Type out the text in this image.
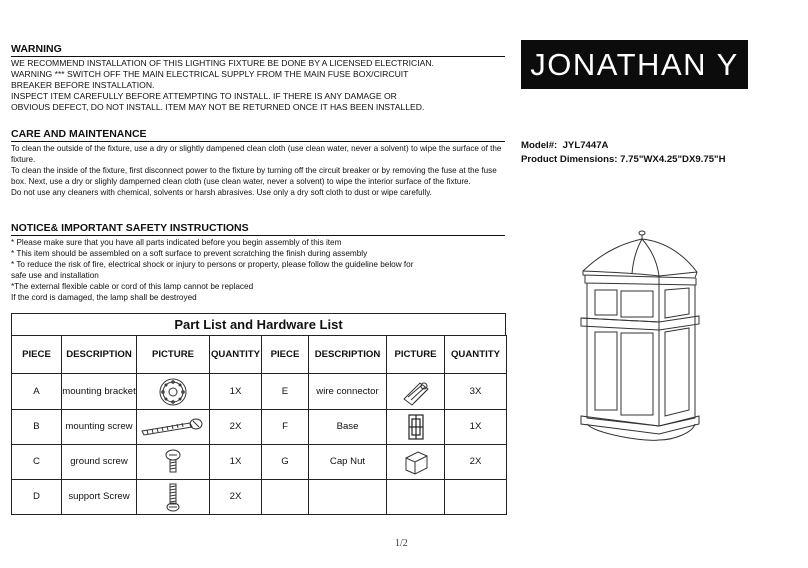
WARNING

WE RECOMMEND INSTALLATION OF THIS LIGHTING FIXTURE BE DONE BY A LICENSED ELECTRICIAN.

WARNING *** SWITCH OFF THE MAIN ELECTRICAL SUPPLY FROM THE MAIN FUSE BOX/CIRCUIT

BREAKER BEFORE INSTALLATION.

INSPECT ITEM CAREFULLY BEFORE ATTEMPTING TO INSTALL. IF THERE IS ANY DAMAGE OR

OBVIOUS DEFECT, DO NOT INSTALL. ITEM MAY NOT BE RETURNED ONCE IT HAS BEEN INSTALLED.

CARE AND MAINTENANCE

To clean the outside of the fixture, use a dry or slightly dampened clean cloth (use clean water, never a solvent) to wipe the surface of the fixture.

To clean the inside of the fixture, first disconnect power to the fixture by turning off the circuit breaker or by removing the fuse at the fuse box. Next, use a dry or slighly damperned clean cloth (use clean water, never a solvent) to wipe the interior surface of the fixture.

Do not use any cleaners with chemical, solvents or harsh abrasives. Use only a dry soft cloth to dust or wipe carefully.

NOTICE& IMPORTANT SAFETY INSTRUCTIONS

* Please make sure that you have all parts indicated before you begin assembly of this item

* This item should be assembled on a soft surface to prevent scratching the finish during assembly

* To reduce the risk of fire, electrical shock or injury to persons or property, please follow the guideline below for

safe use and installation

*The external flexible cable or cord of this lamp cannot be replaced

If the cord is damaged, the lamp shall be destroyed

JONATHAN Y
Model#: JYL7447A
Product Dimensions: 7.75"WX4.25"DX9.75"H
Part List and Hardware List
PIECE	DESCRIPTION	PICTURE	QUANTITY	PIECE	DESCRIPTION	PICTURE	QUANTITY
A	mounting bracket		1X	E	wire connector		3X
B	mounting screw		2X	F	Base		1X
C	ground screw		1X	G	Cap Nut		2X
D	support Screw		2X				
1/2
